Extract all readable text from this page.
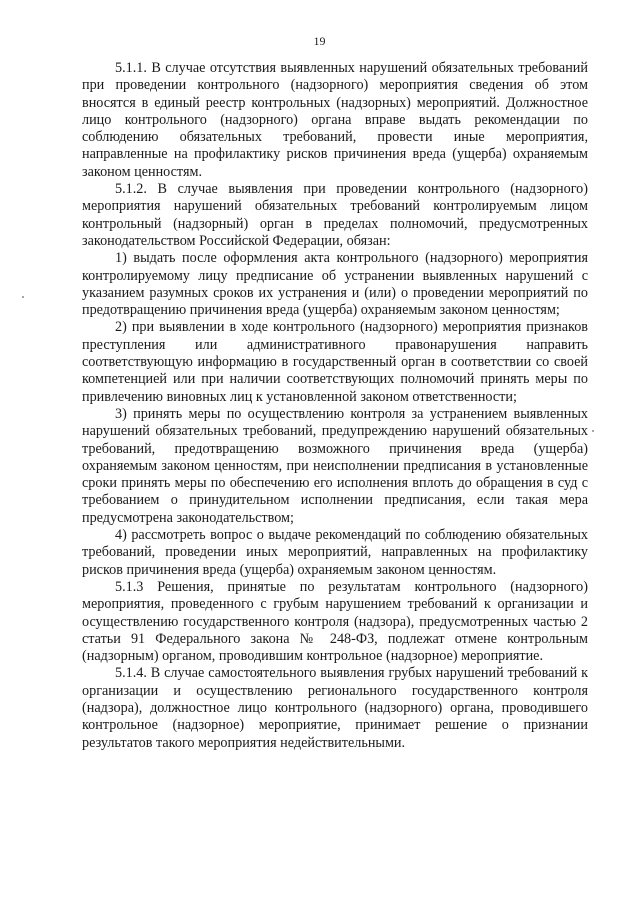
19

5.1.1. В случае отсутствия выявленных нарушений обязательных требований при проведении контрольного (надзорного) мероприятия сведения об этом вносятся в единый реестр контрольных (надзорных) мероприятий. Должностное лицо контрольного (надзорного) органа вправе выдать рекомендации по соблюдению обязательных требований, провести иные мероприятия, направленные на профилактику рисков причинения вреда (ущерба) охраняемым законом ценностям.

5.1.2. В случае выявления при проведении контрольного (надзорного) мероприятия нарушений обязательных требований контролируемым лицом контрольный (надзорный) орган в пределах полномочий, предусмотренных законодательством Российской Федерации, обязан:

1) выдать после оформления акта контрольного (надзорного) мероприятия контролируемому лицу предписание об устранении выявленных нарушений с указанием разумных сроков их устранения и (или) о проведении мероприятий по предотвращению причинения вреда (ущерба) охраняемым законом ценностям;

2) при выявлении в ходе контрольного (надзорного) мероприятия признаков преступления или административного правонарушения направить соответствующую информацию в государственный орган в соответствии со своей компетенцией или при наличии соответствующих полномочий принять меры по привлечению виновных лиц к установленной законом ответственности;

3) принять меры по осуществлению контроля за устранением выявленных нарушений обязательных требований, предупреждению нарушений обязательных требований, предотвращению возможного причинения вреда (ущерба) охраняемым законом ценностям, при неисполнении предписания в установленные сроки принять меры по обеспечению его исполнения вплоть до обращения в суд с требованием о принудительном исполнении предписания, если такая мера предусмотрена законодательством;

4) рассмотреть вопрос о выдаче рекомендаций по соблюдению обязательных требований, проведении иных мероприятий, направленных на профилактику рисков причинения вреда (ущерба) охраняемым законом ценностям.

5.1.3 Решения, принятые по результатам контрольного (надзорного) мероприятия, проведенного с грубым нарушением требований к организации и осуществлению государственного контроля (надзора), предусмотренных частью 2 статьи 91 Федерального закона № 248-ФЗ, подлежат отмене контрольным (надзорным) органом, проводившим контрольное (надзорное) мероприятие.

5.1.4. В случае самостоятельного выявления грубых нарушений требований к организации и осуществлению регионального государственного контроля (надзора), должностное лицо контрольного (надзорного) органа, проводившего контрольное (надзорное) мероприятие, принимает решение о признании результатов такого мероприятия недействительными.
